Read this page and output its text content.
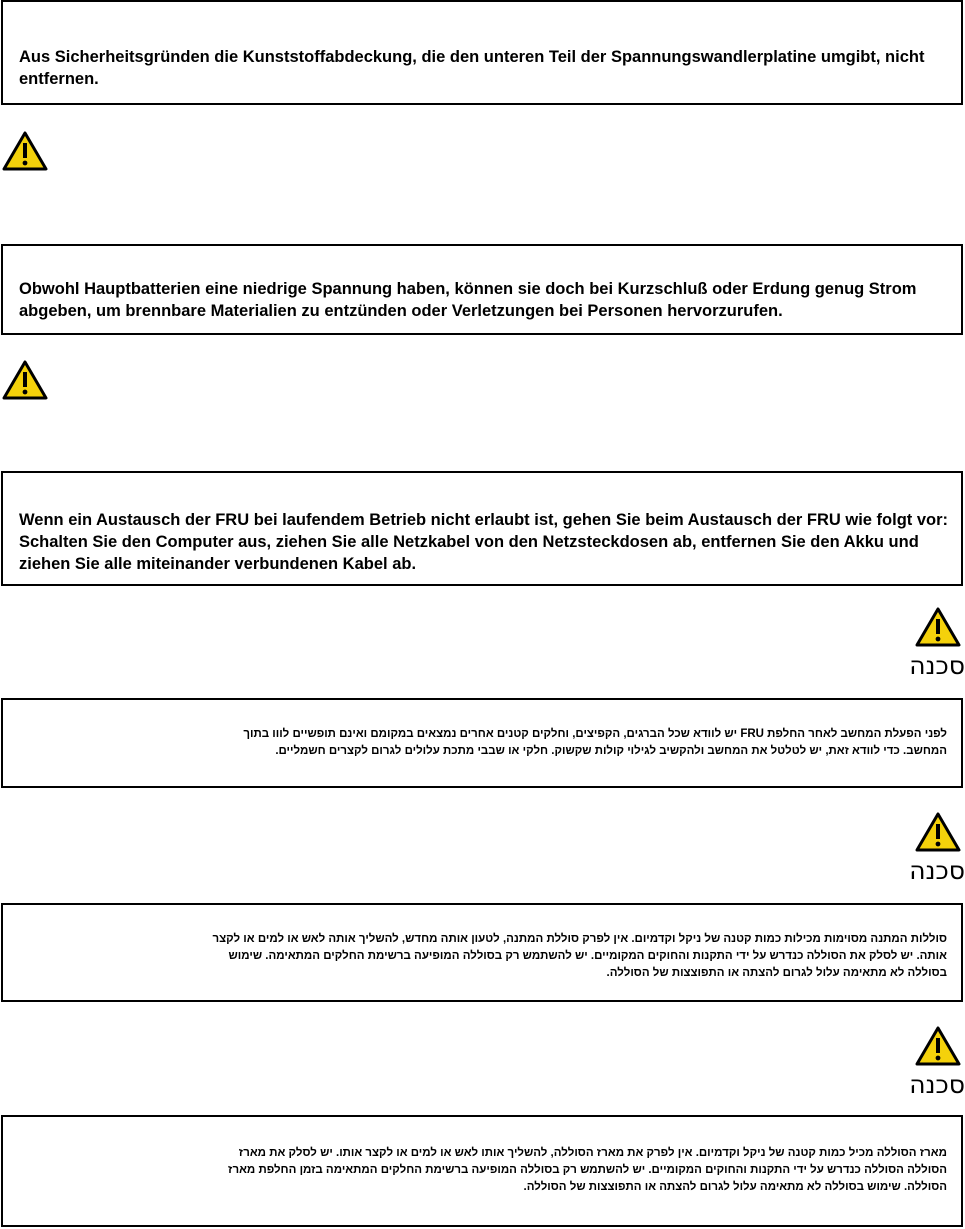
Aus Sicherheitsgründen die Kunststoffabdeckung, die den unteren Teil der Spannungswandlerplatine umgibt, nicht entfernen.
Obwohl Hauptbatterien eine niedrige Spannung haben, können sie doch bei Kurzschluß oder Erdung genug Strom abgeben, um brennbare Materialien zu entzünden oder Verletzungen bei Personen hervorzurufen.
Wenn ein Austausch der FRU bei laufendem Betrieb nicht erlaubt ist, gehen Sie beim Austausch der FRU wie folgt vor: Schalten Sie den Computer aus, ziehen Sie alle Netzkabel von den Netzsteckdosen ab, entfernen Sie den Akku und ziehen Sie alle miteinander verbundenen Kabel ab.
סכנה
לפני הפעלת המחשב לאחר החלפת FRU יש לוודא שכל הברגים, הקפיצים, וחלקים קטנים אחרים נמצאים במקומם ואינם תופשיים לווו בתוך המחשב. כדי לוודא זאת, יש לטלטל את המחשב ולהקשיב לגילוי קולות שקשוק. חלקי או שבבי מתכת עלולים לגרום לקצרים חשמליים.
סכנה
סוללות המתנה מסוימות מכילות כמות קטנה של ניקל וקדמיום. אין לפרק סוללת המתנה, לטעון אותה מחדש, להשליך אותה לאש או למים או לקצר אותה. יש לסלק את הסוללה כנדרש על ידי התקנות והחוקים המקומיים. יש להשתמש רק בסוללה המופיעה ברשימת החלקים המתאימה. שימוש בסוללה לא מתאימה עלול לגרום להצתה או התפוצצות של הסוללה.
סכנה
מארז הסוללה מכיל כמות קטנה של ניקל וקדמיום. אין לפרק את מארז הסוללה, להשליך אותו לאש או למים או לקצר אותו. יש לסלק את מארז הסוללה הסוללה כנדרש על ידי התקנות והחוקים המקומיים. יש להשתמש רק בסוללה המופיעה ברשימת החלקים המתאימה בזמן החלפת מארז הסוללה. שימוש בסוללה לא מתאימה עלול לגרום להצתה או התפוצצות של הסוללה.
